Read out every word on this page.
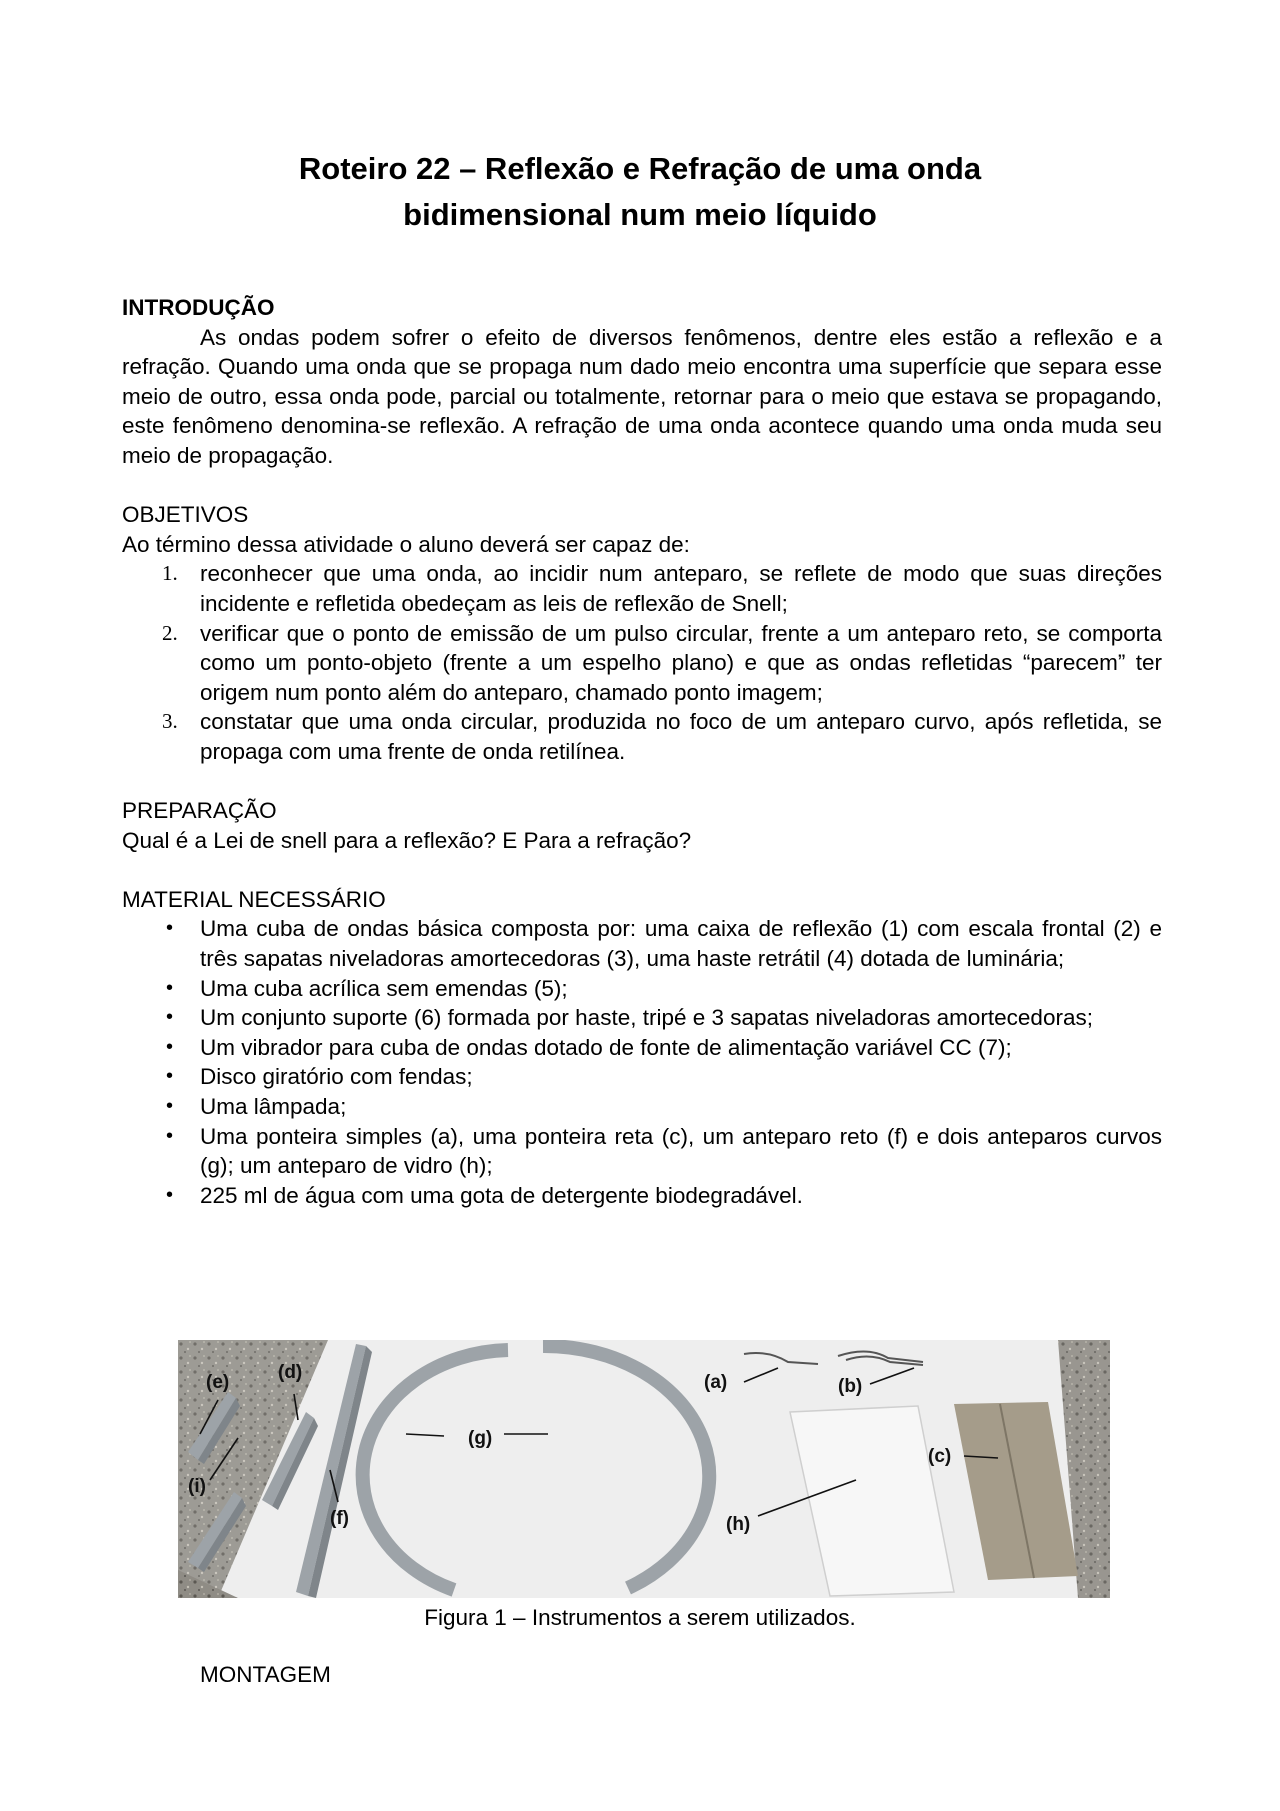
Roteiro 22 – Reflexão e Refração de uma onda
bidimensional num meio líquido

INTRODUÇÃO

As ondas podem sofrer o efeito de diversos fenômenos, dentre eles estão a reflexão e a refração. Quando uma onda que se propaga num dado meio encontra uma superfície que separa esse meio de outro, essa onda pode, parcial ou totalmente, retornar para o meio que estava se propagando, este fenômeno denomina-se reflexão. A refração de uma onda acontece quando uma onda muda seu meio de propagação.

OBJETIVOS

Ao término dessa atividade o aluno deverá ser capaz de:

1. reconhecer que uma onda, ao incidir num anteparo, se reflete de modo que suas direções incidente e refletida obedeçam as leis de reflexão de Snell;
2. verificar que o ponto de emissão de um pulso circular, frente a um anteparo reto, se comporta como um ponto-objeto (frente a um espelho plano) e que as ondas refletidas “parecem” ter origem num ponto além do anteparo, chamado ponto imagem;
3. constatar que uma onda circular, produzida no foco de um anteparo curvo, após refletida, se propaga com uma frente de onda retilínea.

PREPARAÇÃO

Qual é a Lei de snell para a reflexão? E Para a refração?

MATERIAL NECESSÁRIO

• Uma cuba de ondas básica composta por: uma caixa de reflexão (1) com escala frontal (2) e três sapatas niveladoras amortecedoras (3), uma haste retrátil (4) dotada de luminária;
• Uma cuba acrílica sem emendas (5);
• Um conjunto suporte (6) formada por haste, tripé e 3 sapatas niveladoras amortecedoras;
• Um vibrador para cuba de ondas dotado de fonte de alimentação variável CC (7);
• Disco giratório com fendas;
• Uma lâmpada;
• Uma ponteira simples (a), uma ponteira reta (c), um anteparo reto (f) e dois anteparos curvos (g); um anteparo de vidro (h);
• 225 ml de água com uma gota de detergente biodegradável.
(e)	(d)
(i)
(f)
(g)
(a)	(b)
(c)
(h)
Figura 1 – Instrumentos a serem utilizados.
MONTAGEM
